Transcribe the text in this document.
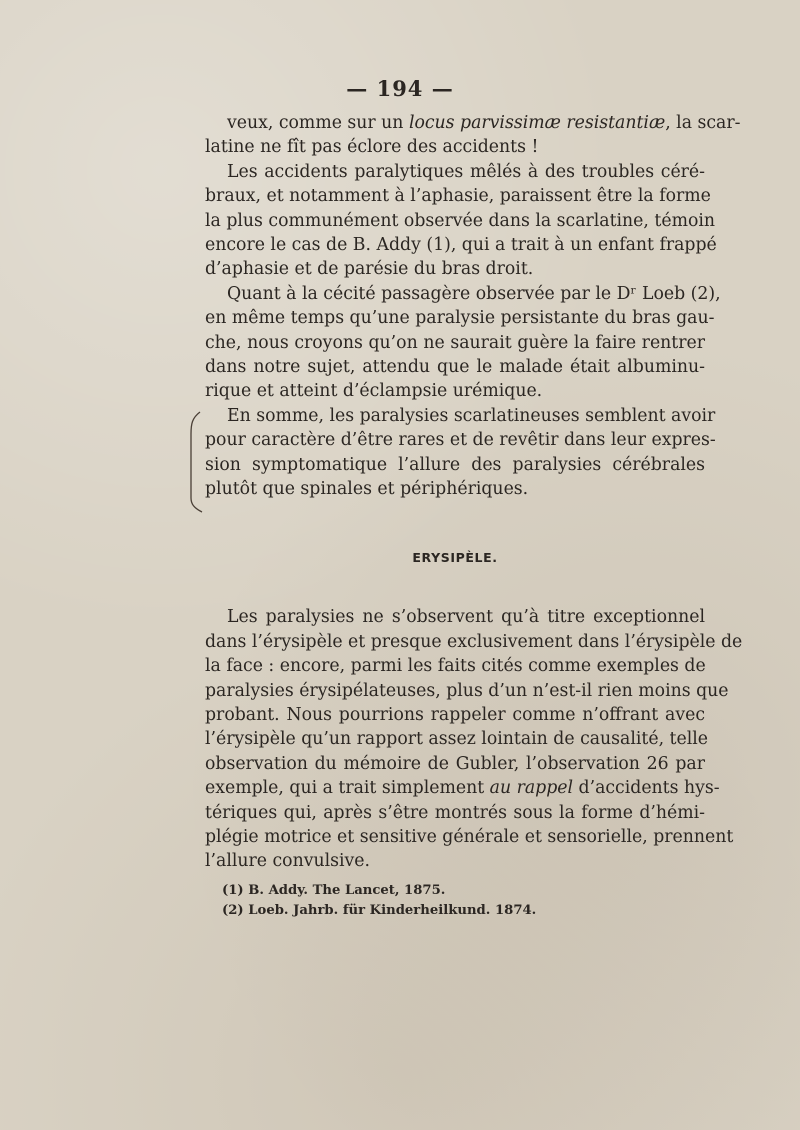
— 194 —

veux, comme sur un locus parvissimæ resistantiæ, la scar-
latine ne fît pas éclore des accidents !

Les accidents paralytiques mêlés à des troubles céré-
braux, et notamment à l’aphasie, paraissent être la forme
la plus communément observée dans la scarlatine, témoin
encore le cas de B. Addy (1), qui a trait à un enfant frappé
d’aphasie et de parésie du bras droit.

Quant à la cécité passagère observée par le Dʳ Loeb (2),
en même temps qu’une paralysie persistante du bras gau-
che, nous croyons qu’on ne saurait guère la faire rentrer
dans notre sujet, attendu que le malade était albuminu-
rique et atteint d’éclampsie urémique.

En somme, les paralysies scarlatineuses semblent avoir
pour caractère d’être rares et de revêtir dans leur expres-
sion symptomatique l’allure des paralysies cérébrales
plutôt que spinales et périphériques.

ERYSIPÈLE.

Les paralysies ne s’observent qu’à titre exceptionnel
dans l’érysipèle et presque exclusivement dans l’érysipèle de
la face : encore, parmi les faits cités comme exemples de
paralysies érysipélateuses, plus d’un n’est-il rien moins que
probant. Nous pourrions rappeler comme n’offrant avec
l’érysipèle qu’un rapport assez lointain de causalité, telle
observation du mémoire de Gubler, l’observation 26 par
exemple, qui a trait simplement au rappel d’accidents hys-
tériques qui, après s’être montrés sous la forme d’hémi-
plégie motrice et sensitive générale et sensorielle, prennent
l’allure convulsive.

(1) B. Addy. The Lancet, 1875.
(2) Loeb. Jahrb. für Kinderheilkund. 1874.
